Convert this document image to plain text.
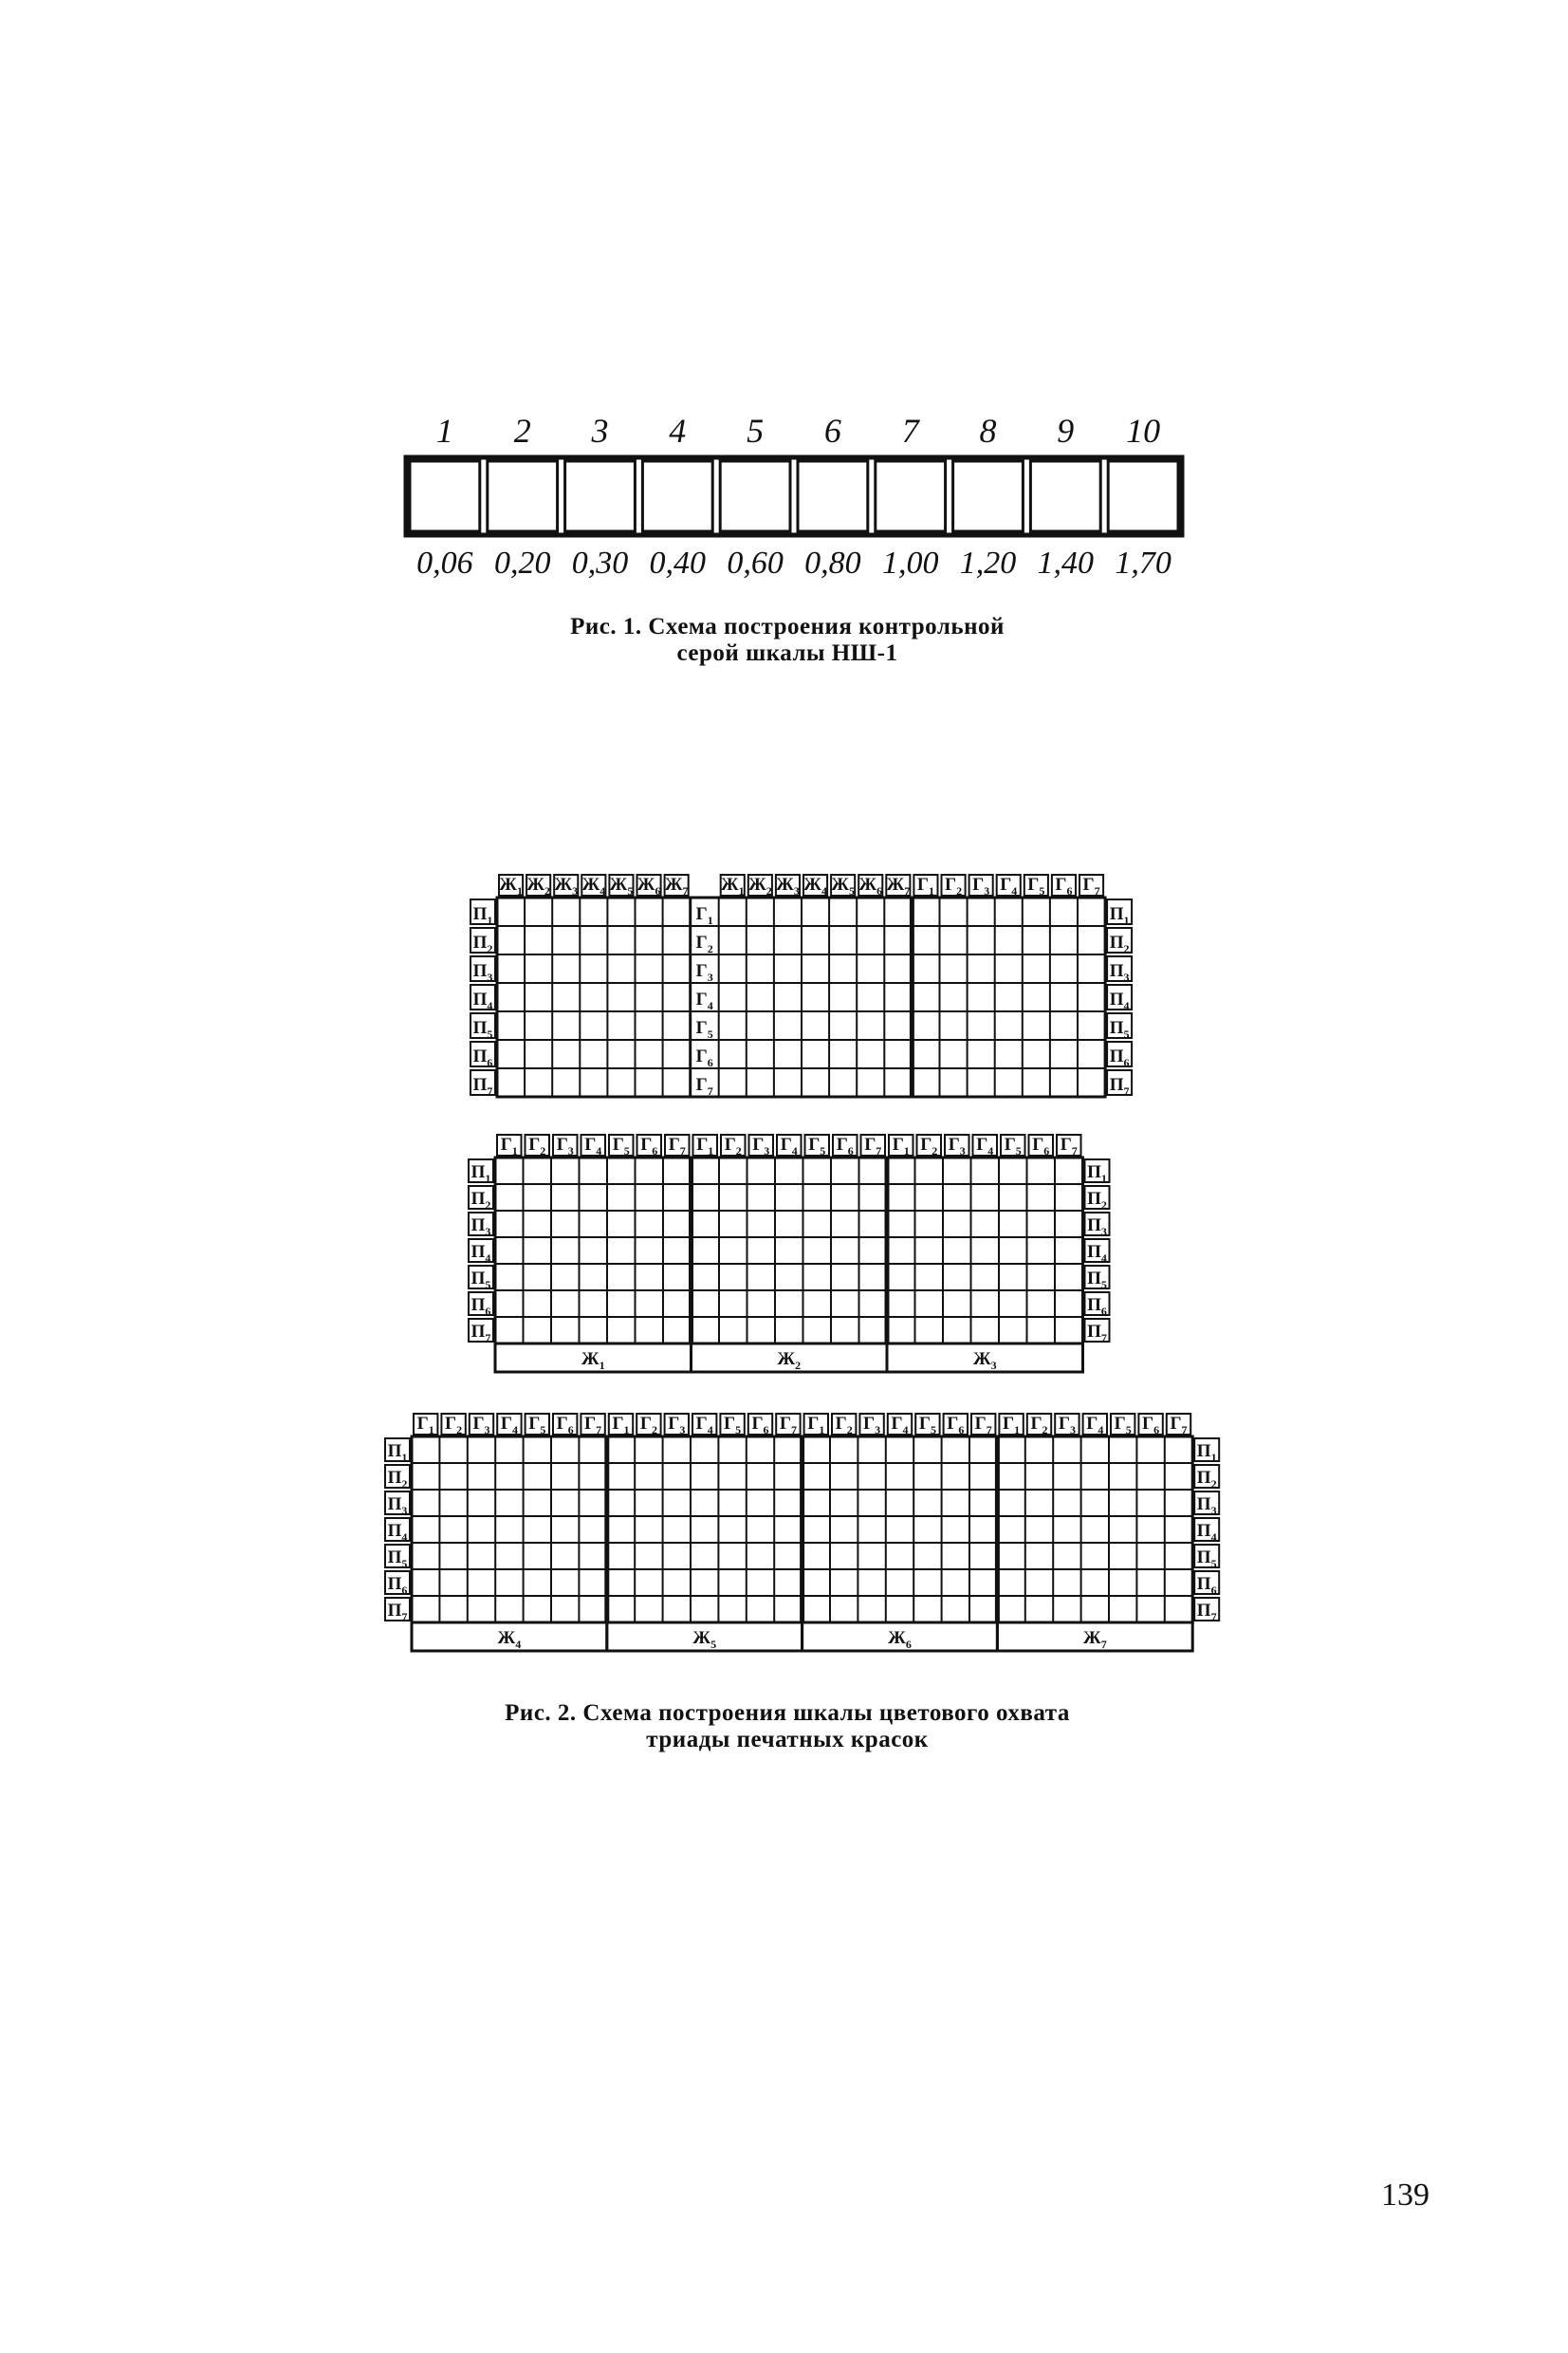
1
0,06
2
0,20
3
0,30
4
0,40
5
0,60
6
0,80
7
1,00
8
1,20
9
1,40
10
1,70
Рис. 1. Схема построения контрольной
серой шкалы НШ-1
$Ж_1$ $Ж_2$ $Ж_3$ $Ж_4$ $Ж_5$ $Ж_6$ $Ж_7$ $Ж_1$ $Ж_2$ $Ж_3$ $Ж_4$ $Ж_5$ $Ж_6$ $Ж_7$ $Г_1$ $Г_2$ $Г_3$ $Г_4$ $Г_5$ $Г_6$ $Г_7$
$П_1$	$П_1$
$Г_1$
$П_2$	$П_2$
$Г_2$
$П_3$	$П_3$
$Г_3$
$П_4$	$П_4$
$Г_4$
$П_5$	$П_5$
$Г_5$
$П_6$	$П_6$
$Г_6$
$П_7$	$П_7$
$Г_7$
$Г_1$ $Г_2$ $Г_3$ $Г_4$ $Г_5$ $Г_6$ $Г_7$ $Г_1$ $Г_2$ $Г_3$ $Г_4$ $Г_5$ $Г_6$ $Г_7$ $Г_1$ $Г_2$ $Г_3$ $Г_4$ $Г_5$ $Г_6$ $Г_7$
$П_1$	$П_1$
$П_2$	$П_2$
$П_3$	$П_3$
$П_4$	$П_4$
$П_5$	$П_5$
$П_6$	$П_6$
$П_7$	$П_7$
$Ж_1$	$Ж_2$	$Ж_3$
$Г_1$ $Г_2$ $Г_3$ $Г_4$ $Г_5$ $Г_6$ $Г_7$ $Г_1$ $Г_2$ $Г_3$ $Г_4$ $Г_5$ $Г_6$ $Г_7$ $Г_1$ $Г_2$ $Г_3$ $Г_4$ $Г_5$ $Г_6$ $Г_7$ $Г_1$ $Г_2$ $Г_3$ $Г_4$ $Г_5$ $Г_6$ $Г_7$
$П_1$	$П_1$
$П_2$	$П_2$
$П_3$	$П_3$
$П_4$	$П_4$
$П_5$	$П_5$
$П_6$	$П_6$
$П_7$	$П_7$
$Ж_4$	$Ж_5$	$Ж_6$	$Ж_7$
Рис. 2. Схема построения шкалы цветового охвата
триады печатных красок
139
